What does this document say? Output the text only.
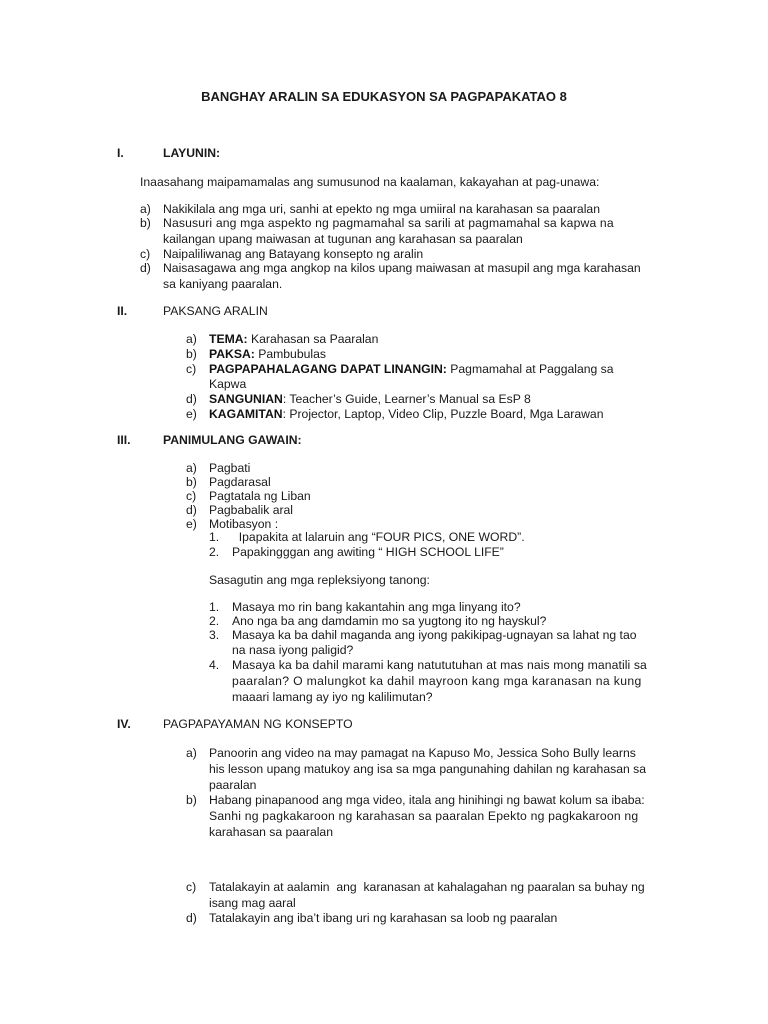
BANGHAY ARALIN SA EDUKASYON SA PAGPAPAKATAO 8
I.	LAYUNIN:
Inaasahang maipamamalas ang sumusunod na kaalaman, kakayahan at pag-unawa:
a) Nakikilala ang mga uri, sanhi at epekto ng mga umiiral na karahasan sa paaralan
b) Nasusuri ang mga aspekto ng pagmamahal sa sarili at pagmamahal sa kapwa na
kailangan upang maiwasan at tugunan ang karahasan sa paaralan
c) Naipaliliwanag ang Batayang konsepto ng aralin
d) Naisasagawa ang mga angkop na kilos upang maiwasan at masupil ang mga karahasan
sa kaniyang paaralan.
II.	PAKSANG ARALIN
a) TEMA: Karahasan sa Paaralan
b) PAKSA: Pambubulas
c) PAGPAPAHALAGANG DAPAT LINANGIN: Pagmamahal at Paggalang sa
Kapwa
d) SANGUNIAN: Teacher’s Guide, Learner’s Manual sa EsP 8
e) KAGAMITAN: Projector, Laptop, Video Clip, Puzzle Board, Mga Larawan
III.	PANIMULANG GAWAIN:
a) Pagbati
b) Pagdarasal
c) Pagtatala ng Liban
d) Pagbabalik aral
e) Motibasyon :
1. Ipapakita at lalaruin ang “FOUR PICS, ONE WORD”.
2. Papakingggan ang awiting “ HIGH SCHOOL LIFE”
Sasagutin ang mga repleksiyong tanong:
1. Masaya mo rin bang kakantahin ang mga linyang ito?
2. Ano nga ba ang damdamin mo sa yugtong ito ng hayskul?
3. Masaya ka ba dahil maganda ang iyong pakikipag-ugnayan sa lahat ng tao
na nasa iyong paligid?
4. Masaya ka ba dahil marami kang natututuhan at mas nais mong manatili sa
paaralan? O malungkot ka dahil mayroon kang mga karanasan na kung
maaari lamang ay iyo ng kalilimutan?
IV.	PAGPAPAYAMAN NG KONSEPTO
a) Panoorin ang video na may pamagat na Kapuso Mo, Jessica Soho Bully learns
his lesson upang matukoy ang isa sa mga pangunahing dahilan ng karahasan sa
paaralan
b) Habang pinapanood ang mga video, itala ang hinihingi ng bawat kolum sa ibaba:
Sanhi ng pagkakaroon ng karahasan sa paaralan Epekto ng pagkakaroon ng
karahasan sa paaralan
c) Tatalakayin at aalamin  ang  karanasan at kahalagahan ng paaralan sa buhay ng
isang mag aaral
d) Tatalakayin ang iba’t ibang uri ng karahasan sa loob ng paaralan
